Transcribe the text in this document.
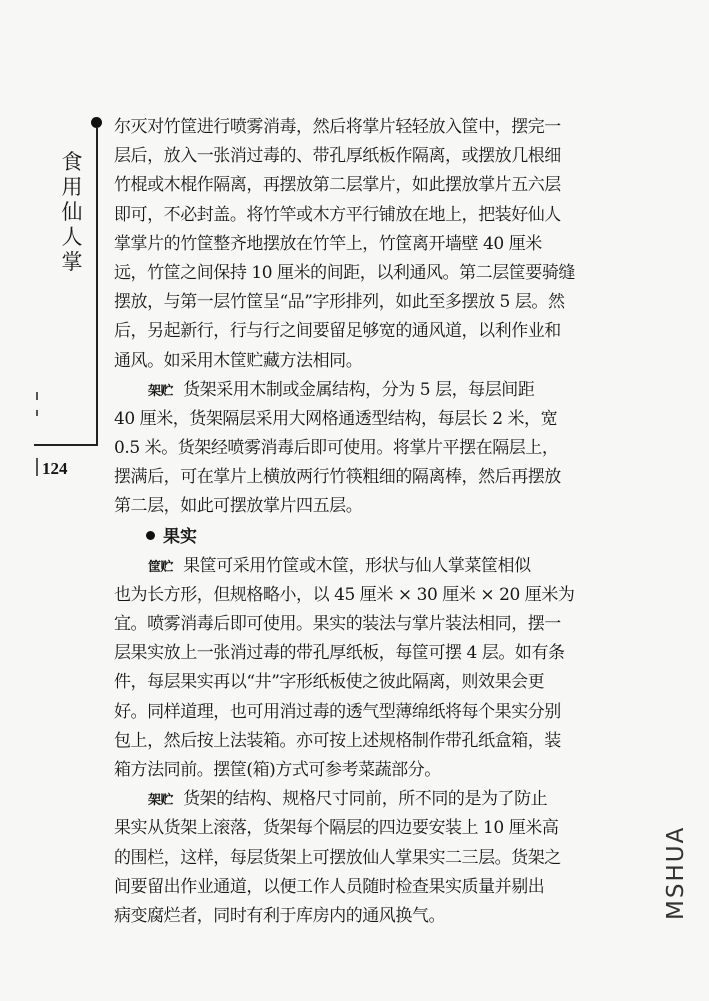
食
用
仙
人
掌
124
尔灭对竹筐进行喷雾消毒，然后将掌片轻轻放入筐中，摆完一
层后，放入一张消过毒的、带孔厚纸板作隔离，或摆放几根细
竹棍或木棍作隔离，再摆放第二层掌片，如此摆放掌片五六层
即可，不必封盖。将竹竿或木方平行铺放在地上，把装好仙人
掌掌片的竹筐整齐地摆放在竹竿上，竹筐离开墙壁 40 厘米
远，竹筐之间保持 10 厘米的间距，以利通风。第二层筐要骑缝
摆放，与第一层竹筐呈“品”字形排列，如此至多摆放 5 层。然
后，另起新行，行与行之间要留足够宽的通风道，以利作业和
通风。如采用木筐贮藏方法相同。
架贮 货架采用木制或金属结构，分为 5 层，每层间距
40 厘米，货架隔层采用大网格通透型结构，每层长 2 米，宽
0.5 米。货架经喷雾消毒后即可使用。将掌片平摆在隔层上，
摆满后，可在掌片上横放两行竹筷粗细的隔离棒，然后再摆放
第二层，如此可摆放掌片四五层。
果实
筐贮 果筐可采用竹筐或木筐，形状与仙人掌菜筐相似
也为长方形，但规格略小，以 45 厘米 × 30 厘米 × 20 厘米为
宜。喷雾消毒后即可使用。果实的装法与掌片装法相同，摆一
层果实放上一张消过毒的带孔厚纸板，每筐可摆 4 层。如有条
件，每层果实再以“井”字形纸板使之彼此隔离，则效果会更
好。同样道理，也可用消过毒的透气型薄绵纸将每个果实分别
包上，然后按上法装箱。亦可按上述规格制作带孔纸盒箱，装
箱方法同前。摆筐(箱)方式可参考菜蔬部分。
架贮 货架的结构、规格尺寸同前，所不同的是为了防止
果实从货架上滚落，货架每个隔层的四边要安装上 10 厘米高
的围栏，这样，每层货架上可摆放仙人掌果实二三层。货架之
间要留出作业通道，以便工作人员随时检查果实质量并剔出
病变腐烂者，同时有利于库房内的通风换气。	MSHUA
